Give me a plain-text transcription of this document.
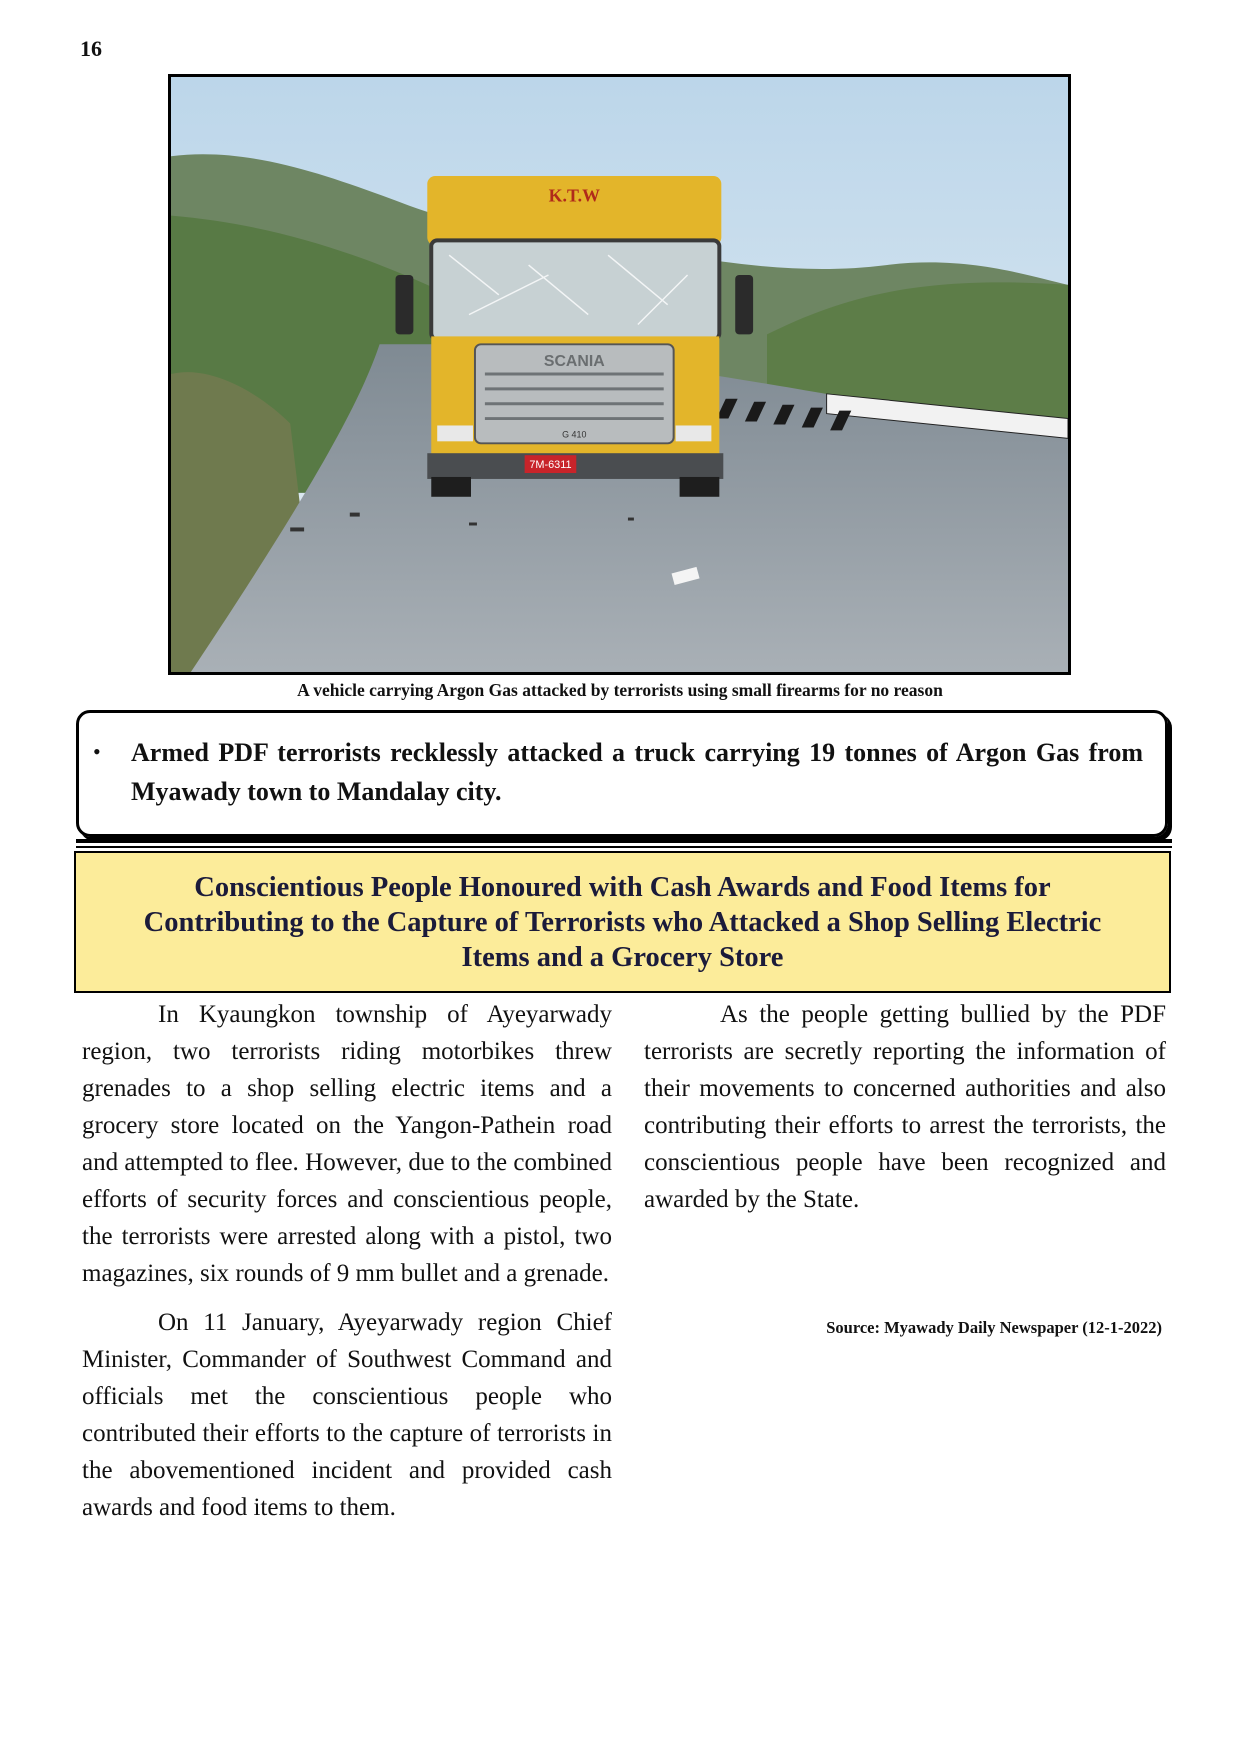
16
K.T.W
SCANIA
G 410
7M-6311
A vehicle carrying Argon Gas attacked by terrorists using small firearms for no reason
• Armed PDF terrorists recklessly attacked a truck carrying 19 tonnes of Argon Gas from Myawady town to Mandalay city.
Conscientious People Honoured with Cash Awards and Food Items for Contributing to the Capture of Terrorists who Attacked a Shop Selling Electric Items and a Grocery Store

In Kyaungkon township of Ayeyarwady region, two terrorists riding motorbikes threw grenades to a shop selling electric items and a grocery store located on the Yangon-Pathein road and attempted to flee. However, due to the combined efforts of security forces and conscientious people, the terrorists were arrested along with a pistol, two magazines, six rounds of 9 mm bullet and a grenade.

On 11 January, Ayeyarwady region Chief Minister, Commander of Southwest Command and officials met the conscientious people who contributed their efforts to the capture of terrorists in the abovementioned incident and provided cash awards and food items to them.

As the people getting bullied by the PDF terrorists are secretly reporting the information of their movements to concerned authorities and also contributing their efforts to arrest the terrorists, the conscientious people have been recognized and awarded by the State.

Source: Myawady Daily Newspaper (12-1-2022)
